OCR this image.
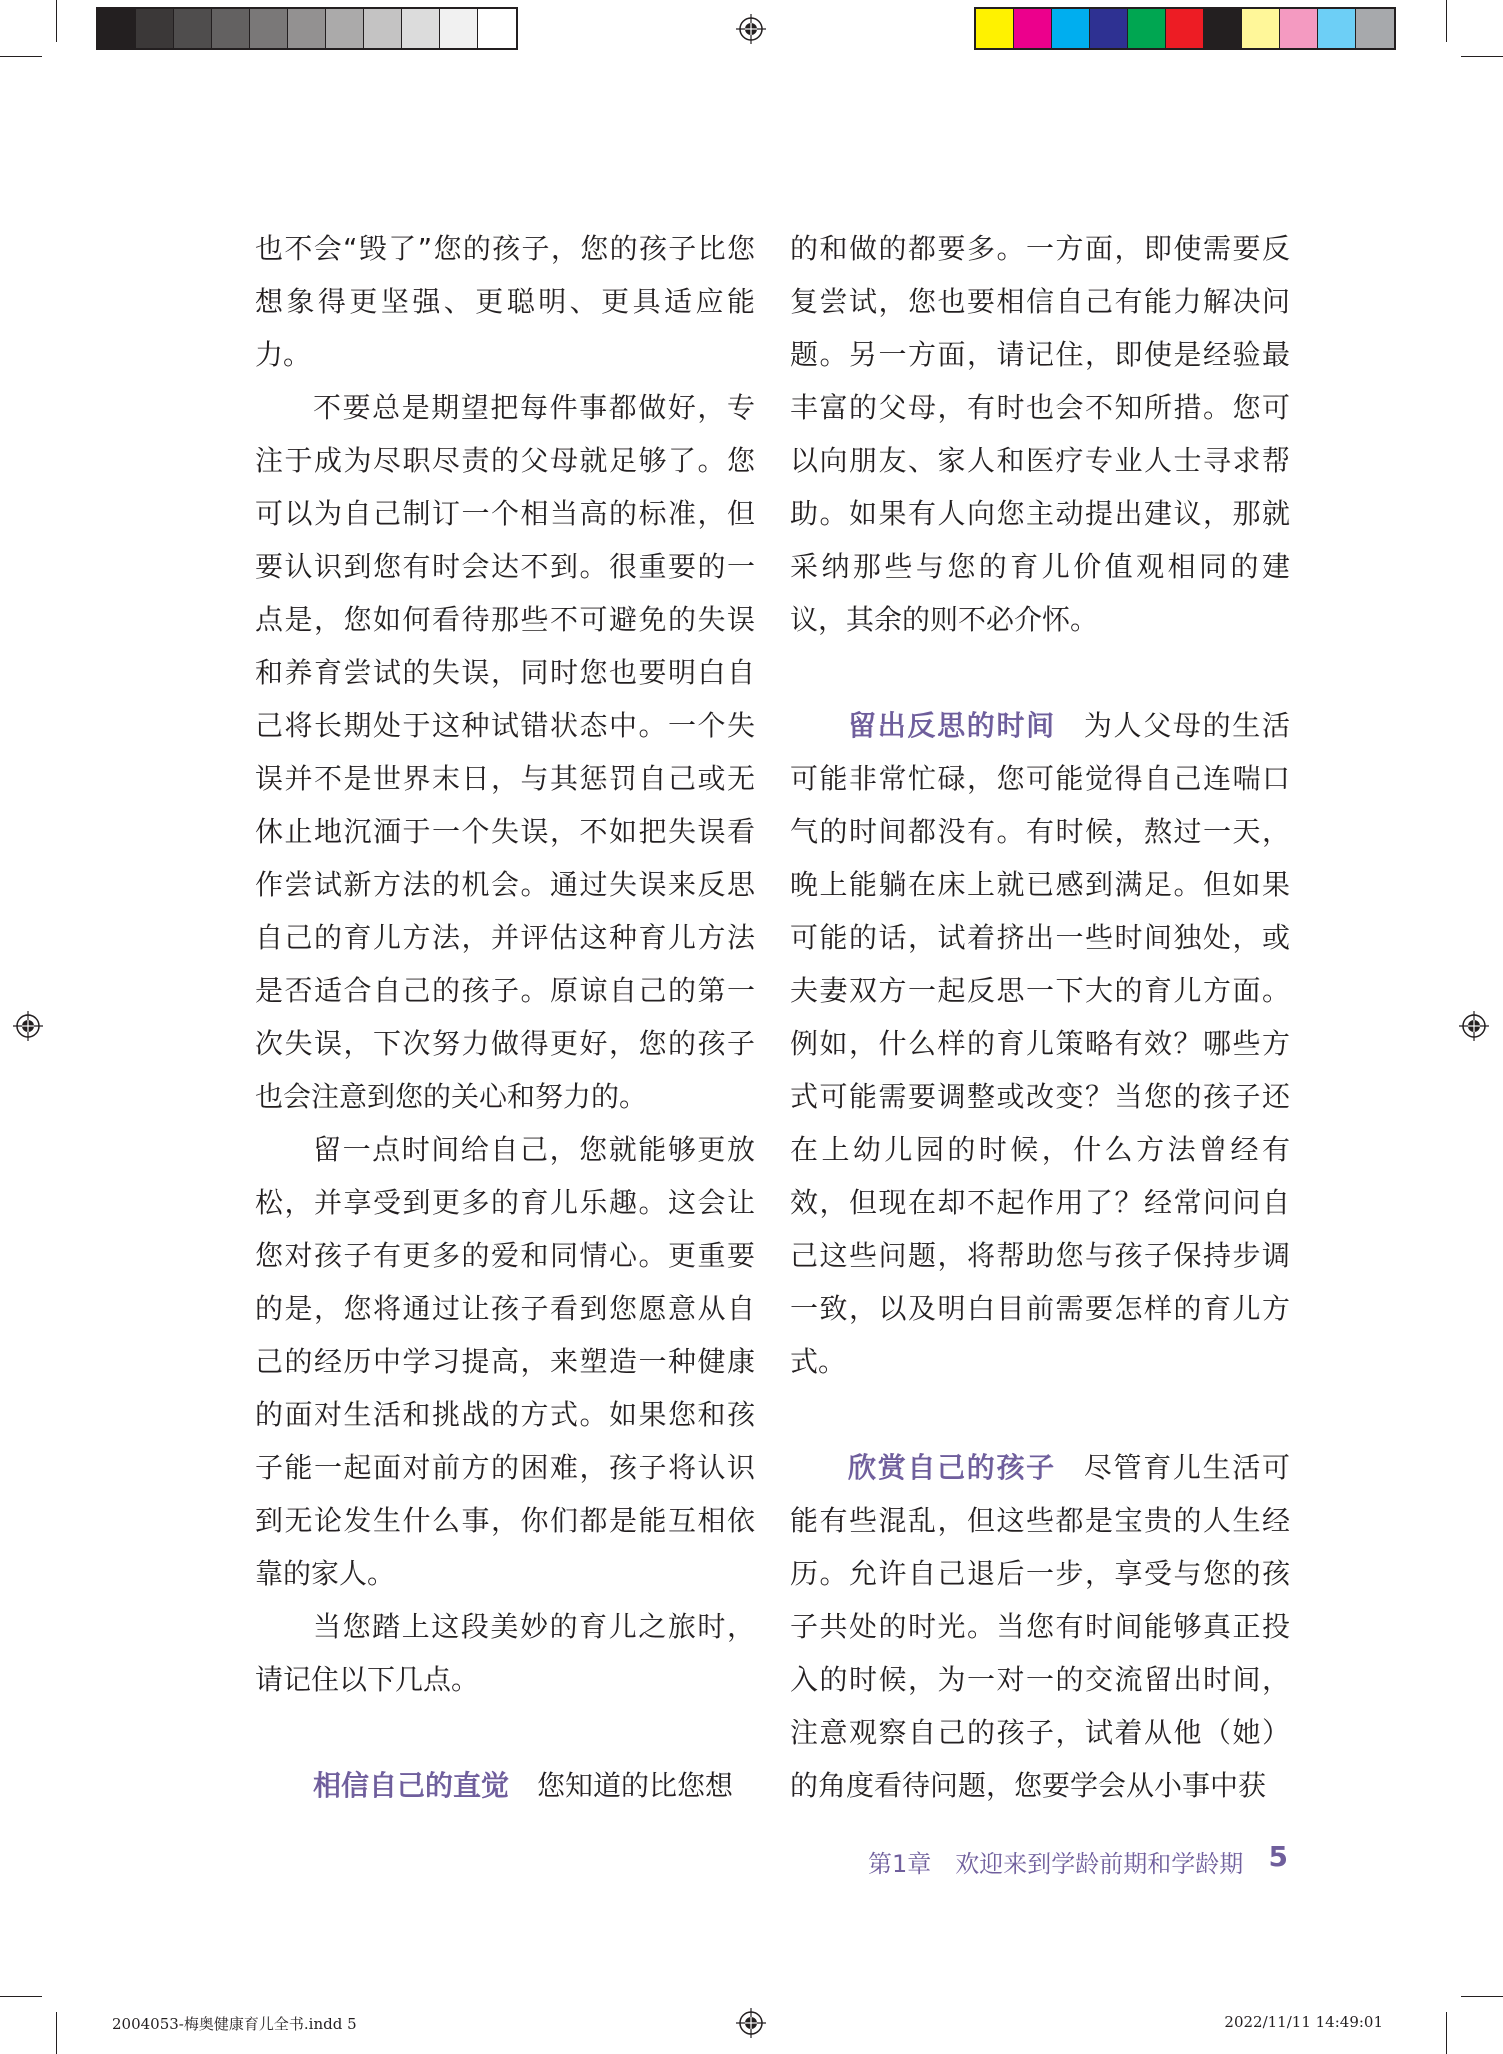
也不会“毁了”您的孩子，您的孩子比您想象得更坚强、更聪明、更具适应能力。

不要总是期望把每件事都做好，专注于成为尽职尽责的父母就足够了。您可以为自己制订一个相当高的标准，但要认识到您有时会达不到。很重要的一点是，您如何看待那些不可避免的失误和养育尝试的失误，同时您也要明白自己将长期处于这种试错状态中。一个失误并不是世界末日，与其惩罚自己或无休止地沉湎于一个失误，不如把失误看作尝试新方法的机会。通过失误来反思自己的育儿方法，并评估这种育儿方法是否适合自己的孩子。原谅自己的第一次失误，下次努力做得更好，您的孩子也会注意到您的关心和努力的。

留一点时间给自己，您就能够更放松，并享受到更多的育儿乐趣。这会让您对孩子有更多的爱和同情心。更重要的是，您将通过让孩子看到您愿意从自己的经历中学习提高，来塑造一种健康的面对生活和挑战的方式。如果您和孩子能一起面对前方的困难，孩子将认识到无论发生什么事，你们都是能互相依靠的家人。

当您踏上这段美妙的育儿之旅时，请记住以下几点。

相信自己的直觉 您知道的比您想

的和做的都要多。一方面，即使需要反复尝试，您也要相信自己有能力解决问题。另一方面，请记住，即使是经验最丰富的父母，有时也会不知所措。您可以向朋友、家人和医疗专业人士寻求帮助。如果有人向您主动提出建议，那就采纳那些与您的育儿价值观相同的建议，其余的则不必介怀。

留出反思的时间 为人父母的生活可能非常忙碌，您可能觉得自己连喘口气的时间都没有。有时候，熬过一天，晚上能躺在床上就已感到满足。但如果可能的话，试着挤出一些时间独处，或夫妻双方一起反思一下大的育儿方面。例如，什么样的育儿策略有效？哪些方式可能需要调整或改变？当您的孩子还在上幼儿园的时候，什么方法曾经有效，但现在却不起作用了？经常问问自己这些问题，将帮助您与孩子保持步调一致，以及明白目前需要怎样的育儿方式。

欣赏自己的孩子 尽管育儿生活可能有些混乱，但这些都是宝贵的人生经历。允许自己退后一步，享受与您的孩子共处的时光。当您有时间能够真正投入的时候，为一对一的交流留出时间，注意观察自己的孩子，试着从他（她）的角度看待问题，您要学会从小事中获

第1章　欢迎来到学龄前期和学龄期 5
2004053-梅奥健康育儿全书.indd 5	2022/11/11 14:49:01
